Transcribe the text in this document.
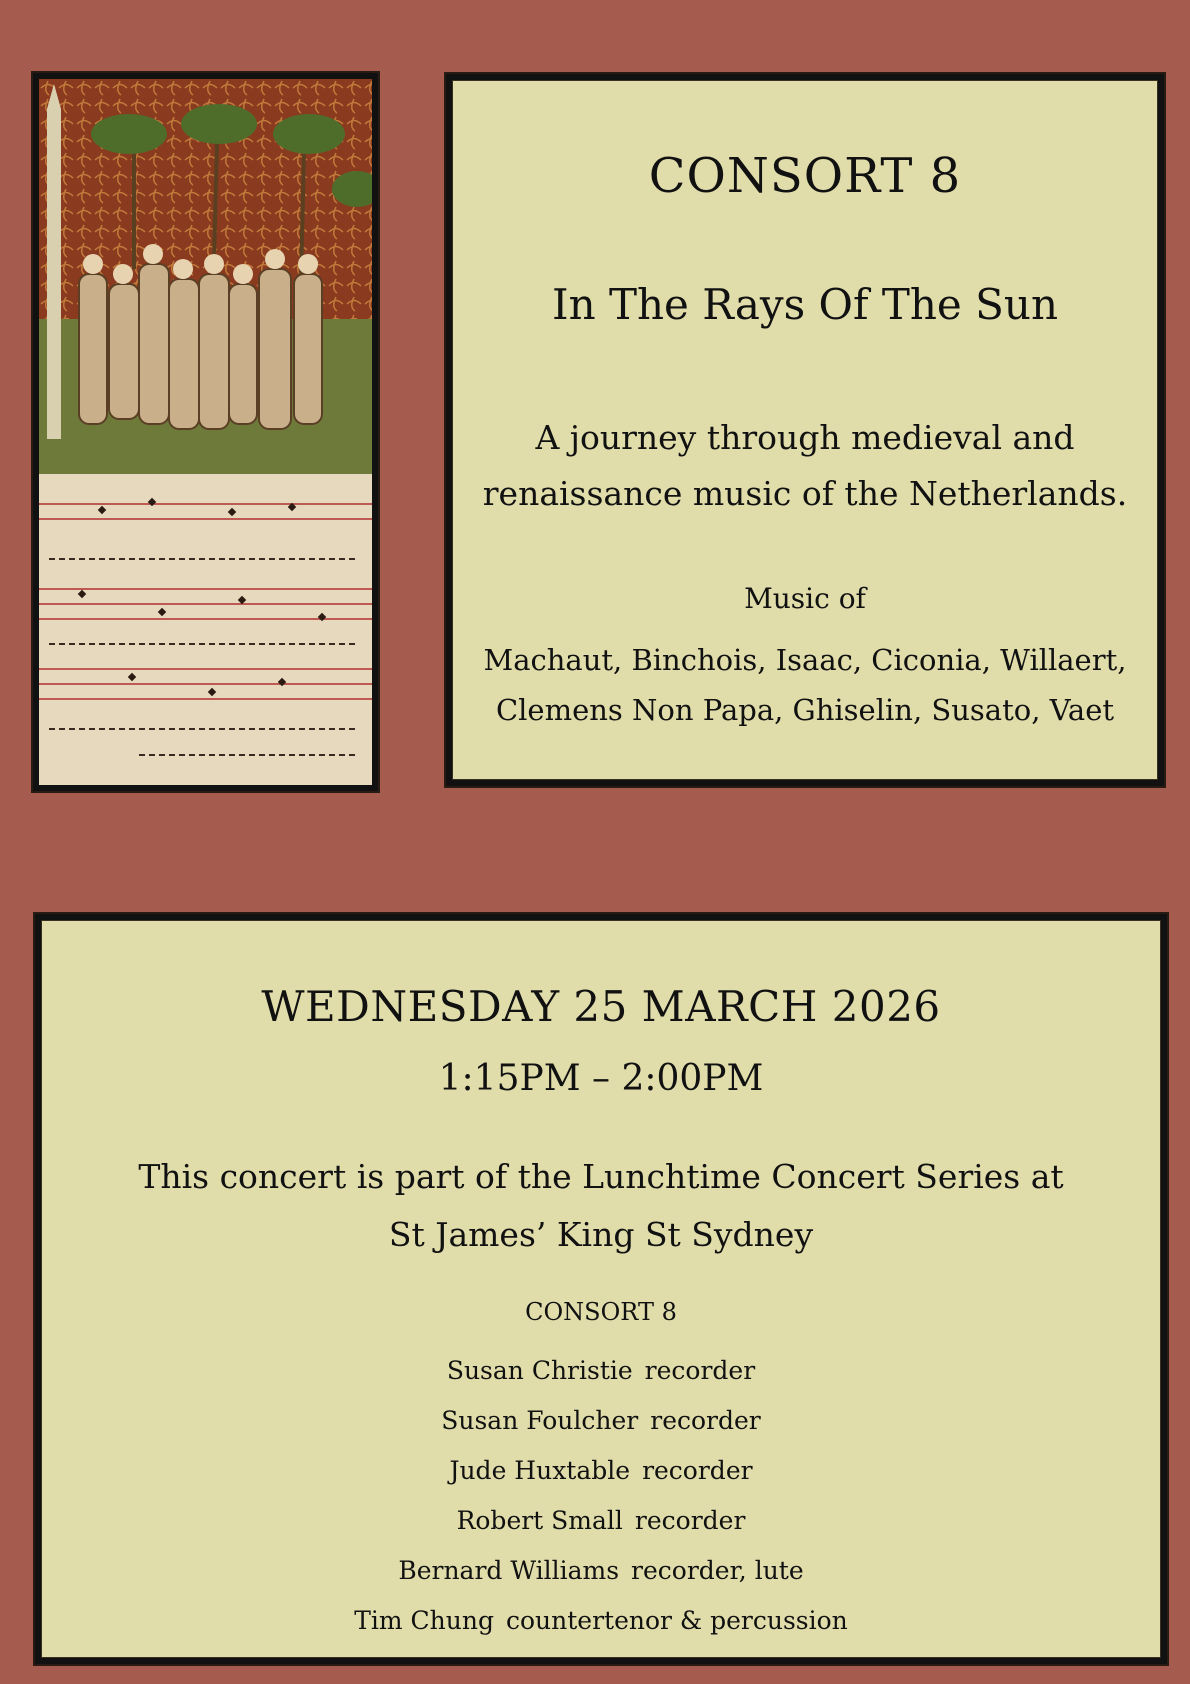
CONSORT 8
In The Rays Of The Sun
A journey through medieval and
renaissance music of the Netherlands.
Music of
Machaut, Binchois, Isaac, Ciconia, Willaert,
Clemens Non Papa, Ghiselin, Susato, Vaet
WEDNESDAY 25 MARCH 2026
1:15PM – 2:00PM
This concert is part of the Lunchtime Concert Series at
St James’ King St Sydney
CONSORT 8
Susan Christie recorder
Susan Foulcher recorder
Jude Huxtable recorder
Robert Small recorder
Bernard Williams recorder, lute
Tim Chung countertenor & percussion
